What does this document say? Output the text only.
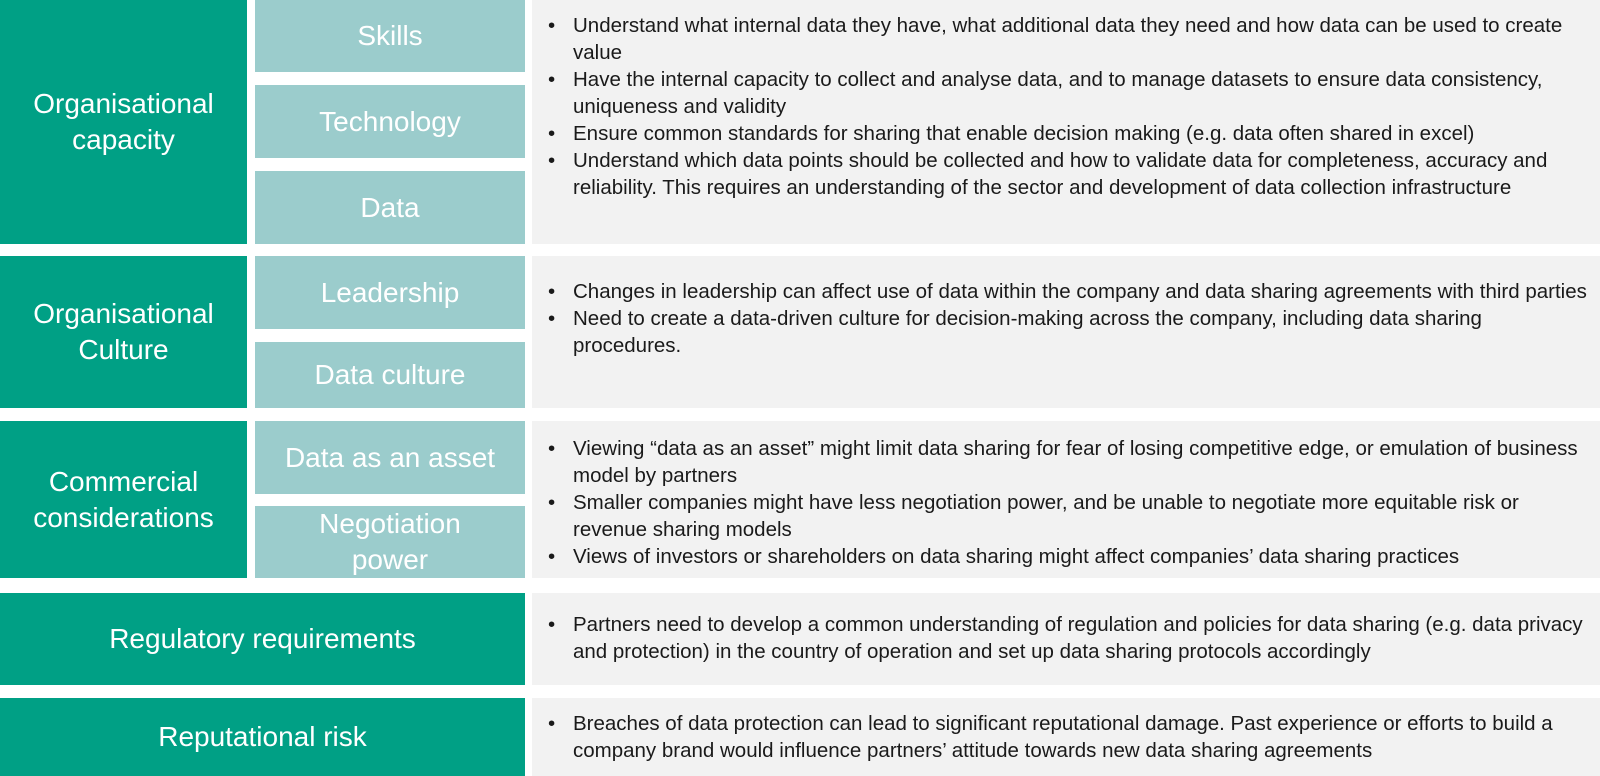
Organisational capacity
Skills
Technology
Data
• Understand what internal data they have, what additional data they need and how data can be used to create value
• Have the internal capacity to collect and analyse data, and to manage datasets to ensure data consistency, uniqueness and validity
• Ensure common standards for sharing that enable decision making (e.g. data often shared in excel)
• Understand which data points should be collected and how to validate data for completeness, accuracy and reliability. This requires an understanding of the sector and development of data collection infrastructure
Organisational Culture
Leadership
Data culture
• Changes in leadership can affect use of data within the company and data sharing agreements with third parties
• Need to create a data-driven culture for decision-making across the company, including data sharing procedures.
Commercial considerations
Data as an asset
Negotiation power
• Viewing “data as an asset” might limit data sharing for fear of losing competitive edge, or emulation of business model by partners
• Smaller companies might have less negotiation power, and be unable to negotiate more equitable risk or revenue sharing models
• Views of investors or shareholders on data sharing might affect companies’ data sharing practices
Regulatory requirements	• Partners need to develop a common understanding of regulation and policies for data sharing (e.g. data privacy and protection) in the country of operation and set up data sharing protocols accordingly
Reputational risk	• Breaches of data protection can lead to significant reputational damage. Past experience or efforts to build a company brand would influence partners’ attitude towards new data sharing agreements
